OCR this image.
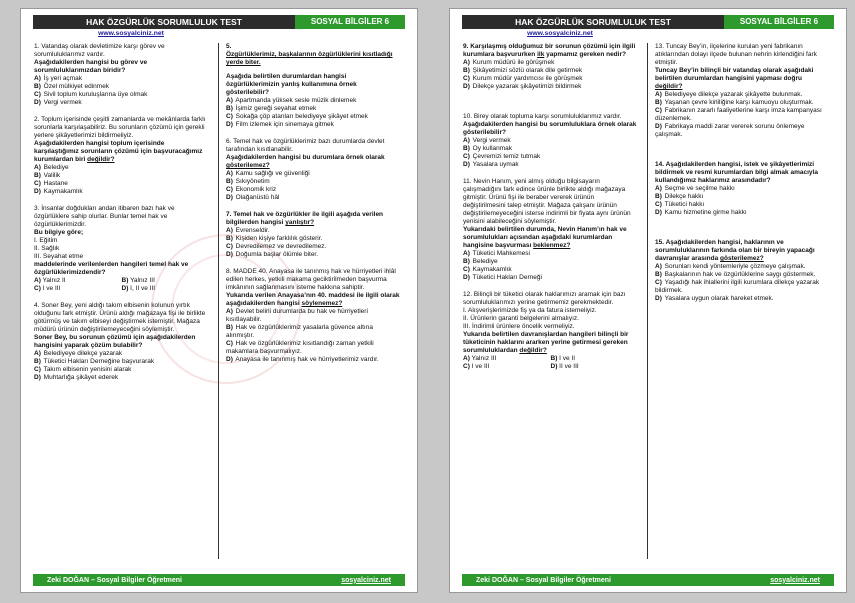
HAK ÖZGÜRLÜK SORUMLULUK TEST	SOSYAL BİLGİLER 6
www.sosyalciniz.net

1. Vatandaş olarak devletimize karşı görev ve sorumluluklarımız vardır.

Aşağıdakilerden hangisi bu görev ve sorumluluklarımızdan biridir?

A) İş yeri açmak

B) Özel mülkiyet edinmek

C) Sivil toplum kuruluşlarına üye olmak

D) Vergi vermek

2. Toplum içerisinde çeşitli zamanlarda ve mekânlarda farklı sorunlarla karşılaşabiliriz. Bu sorunların çözümü için gerekli yerlere şikâyetlerimizi bildirmeliyiz.

Aşağıdakilerden hangisi toplum içerisinde karşılaştığımız sorunların çözümü için başvuracağımız kurumlardan biri değildir?

A) Belediye

B) Valilik

C) Hastane

D) Kaymakamlık

3. İnsanlar doğdukları andan itibaren bazı hak ve özgürlüklere sahip olurlar. Bunlar temel hak ve özgürlüklerimizdir.

Bu bilgiye göre;

I. Eğitim

II. Sağlık

III. Seyahat etme

maddelerinde verilenlerden hangileri temel hak ve özgürlüklerimizdendir?

A) Yalnız II	B) Yalnız III
C) I ve III	D) I, II ve III

4. Soner Bey, yeni aldığı takım elbisenin kolunun yırtık olduğunu fark etmiştir. Ürünü aldığı mağazaya fişi ile birlikte götürmüş ve takım elbiseyi değiştirmek istemiştir. Mağaza müdürü ürünün değiştirilemeyeceğini söylemiştir.

Soner Bey, bu sorunun çözümü için aşağıdakilerden hangisini yaparak çözüm bulabilir?

A) Belediyeye dilekçe yazarak

B) Tüketici Hakları Derneğine başvurarak

C) Takım elbisenin yenisini alarak

D) Muhtarlığa şikâyet ederek

5.

Özgürlüklerimiz, başkalarının özgürlüklerini kısıtladığı yerde biter.

Aşağıda belirtilen durumlardan hangisi özgürlüklerimizin yanlış kullanımına örnek gösterilebilir?

A) Apartmanda yüksek sesle müzik dinlemek

B) İşimiz gereği seyahat etmek

C) Sokağa çöp atanları belediyeye şikâyet etmek

D) Film izlemek için sinemaya gitmek

6. Temel hak ve özgürlüklerimiz bazı durumlarda devlet tarafından kısıtlanabilir.

Aşağıdakilerden hangisi bu durumlara örnek olarak gösterilemez?

A) Kamu sağlığı ve güvenliği

B) Sıkıyönetim

C) Ekonomik kriz

D) Olağanüstü hâl

7. Temel hak ve özgürlükler ile ilgili aşağıda verilen bilgilerden hangisi yanlıştır?

A) Evrenseldir.

B) Kişiden kişiye farklılık gösterir.

C) Devredilemez ve devredilemez.

D) Doğumla başlar ölümle biter.

8. MADDE 40. Anayasa ile tanınmış hak ve hürriyetleri ihlâl edilen herkes, yetkili makama geciktirilmeden başvurma imkânının sağlanmasını isteme hakkına sahiptir.

Yukarıda verilen Anayasa’nın 40. maddesi ile ilgili olarak aşağıdakilerden hangisi söylenemez?

A) Devlet belirli durumlarda bu hak ve hürriyetleri kısıtlayabilir.

B) Hak ve özgürlüklerimiz yasalarla güvence altına alınmıştır.

C) Hak ve özgürlüklerimiz kısıtlandığı zaman yetkili makamlara başvurmalıyız.

D) Anayasa ile tanınmış hak ve hürriyetlerimiz vardır.

Zeki DOĞAN – Sosyal Bilgiler Öğretmeni	sosyalciniz.net
HAK ÖZGÜRLÜK SORUMLULUK TEST	SOSYAL BİLGİLER 6
www.sosyalciniz.net

9. Karşılaşmış olduğumuz bir sorunun çözümü için ilgili kurumlara başvururken ilk yapmamız gereken nedir?

A) Kurum müdürü ile görüşmek

B) Şikâyetimizi sözlü olarak dile getirmek

C) Kurum müdür yardımcısı ile görüşmek

D) Dilekçe yazarak şikâyetimizi bildirmek

10. Birey olarak topluma karşı sorumluluklarımız vardır.

Aşağıdakilerden hangisi bu sorumluluklara örnek olarak gösterilebilir?

A) Vergi vermek

B) Oy kullanmak

C) Çevremizi temiz tutmak

D) Yasalara uymak

11. Nevin Hanım, yeni almış olduğu bilgisayarın çalışmadığını fark edince ürünle birlikte aldığı mağazaya gitmiştir. Ürünü fişi ile beraber vererek ürünün değiştirilmesini talep etmiştir. Mağaza çalışanı ürünün değiştirilemeyeceğini isterse indirimli bir fiyata aynı ürünün yenisini alabileceğini söylemiştir.

Yukarıdaki belirtilen durumda, Nevin Hanım’ın hak ve sorumlulukları açısından aşağıdaki kurumlardan hangisine başvurması beklenmez?

A) Tüketici Mahkemesi

B) Belediye

C) Kaymakamlık

D) Tüketici Hakları Derneği

12. Bilinçli bir tüketici olarak haklarımızı aramak için bazı sorumluluklarımızı yerine getirmemiz gerekmektedir.

I. Alışverişlerimizde fiş ya da fatura istemeliyiz.

II. Ürünlerin garanti belgelerini almalıyız.

III. İndirimli ürünlere öncelik vermeliyiz.

Yukarıda belirtilen davranışlardan hangileri bilinçli bir tüketicinin haklarını ararken yerine getirmesi gereken sorumluluklardan değildir?

A) Yalnız III	B) I ve II
C) I ve III	D) II ve III

13. Tuncay Bey’in, ilçelerine kurulan yeni fabrikanın atıklarından dolayı ilçede bulunan nehrin kirlendiğini fark etmiştir.

Tuncay Bey’in bilinçli bir vatandaş olarak aşağıdaki belirtilen durumlardan hangisini yapması doğru değildir?

A) Belediyeye dilekçe yazarak şikâyette bulunmak.

B) Yaşanan çevre kirliliğine karşı kamuoyu oluşturmak.

C) Fabrikanın zararlı faaliyetlerine karşı imza kampanyası düzenlemek.

D) Fabrikaya maddi zarar vererek sorunu önlemeye çalışmak.

14. Aşağıdakilerden hangisi, istek ve şikâyetlerimizi bildirmek ve resmi kurumlardan bilgi almak amacıyla kullandığımız haklarımız arasındadır?

A) Seçme ve seçilme hakkı

B) Dilekçe hakkı

C) Tüketici hakkı

D) Kamu hizmetine girme hakkı

15. Aşağıdakilerden hangisi, haklarının ve sorumluluklarının farkında olan bir bireyin yapacağı davranışlar arasında gösterilemez?

A) Sorunları kendi yöntemleriyle çözmeye çalışmak.

B) Başkalarının hak ve özgürlüklerine saygı göstermek.

C) Yaşadığı hak ihlallerini ilgili kurumlara dilekçe yazarak bildirmek.

D) Yasalara uygun olarak hareket etmek.

Zeki DOĞAN – Sosyal Bilgiler Öğretmeni	sosyalciniz.net
